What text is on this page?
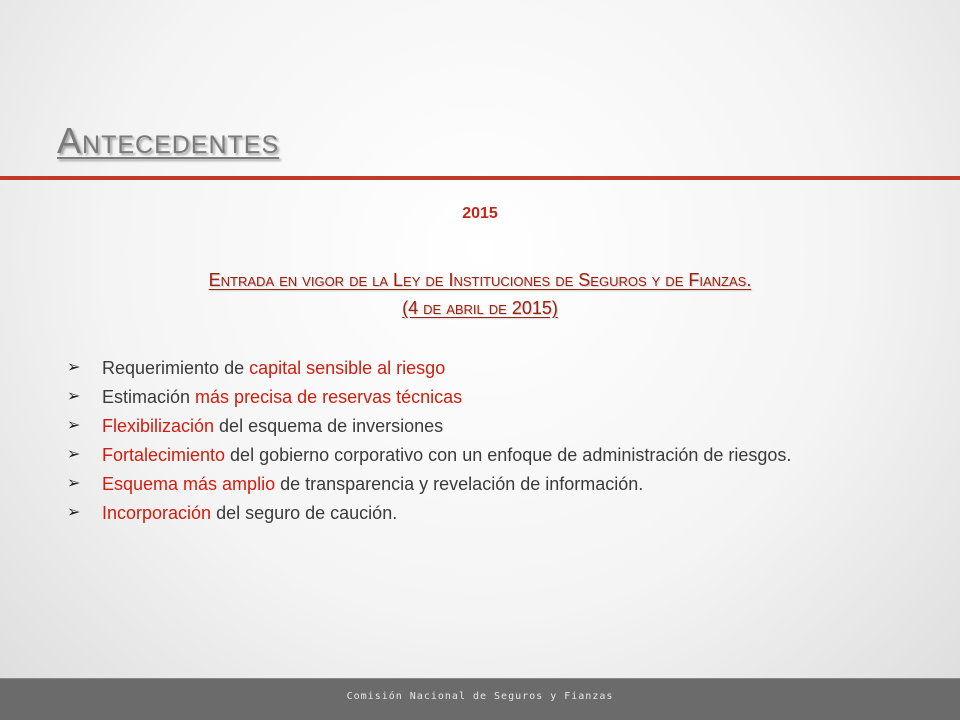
Antecedentes
2015
Entrada en vigor de la Ley de Instituciones de Seguros y de Fianzas.
(4 de abril de 2015)
➢ Requerimiento de capital sensible al riesgo
➢ Estimación más precisa de reservas técnicas
➢ Flexibilización del esquema de inversiones
➢ Fortalecimiento del gobierno corporativo con un enfoque de administración de riesgos.
➢ Esquema más amplio de transparencia y revelación de información.
➢ Incorporación del seguro de caución.
Comisión Nacional de Seguros y Fianzas
